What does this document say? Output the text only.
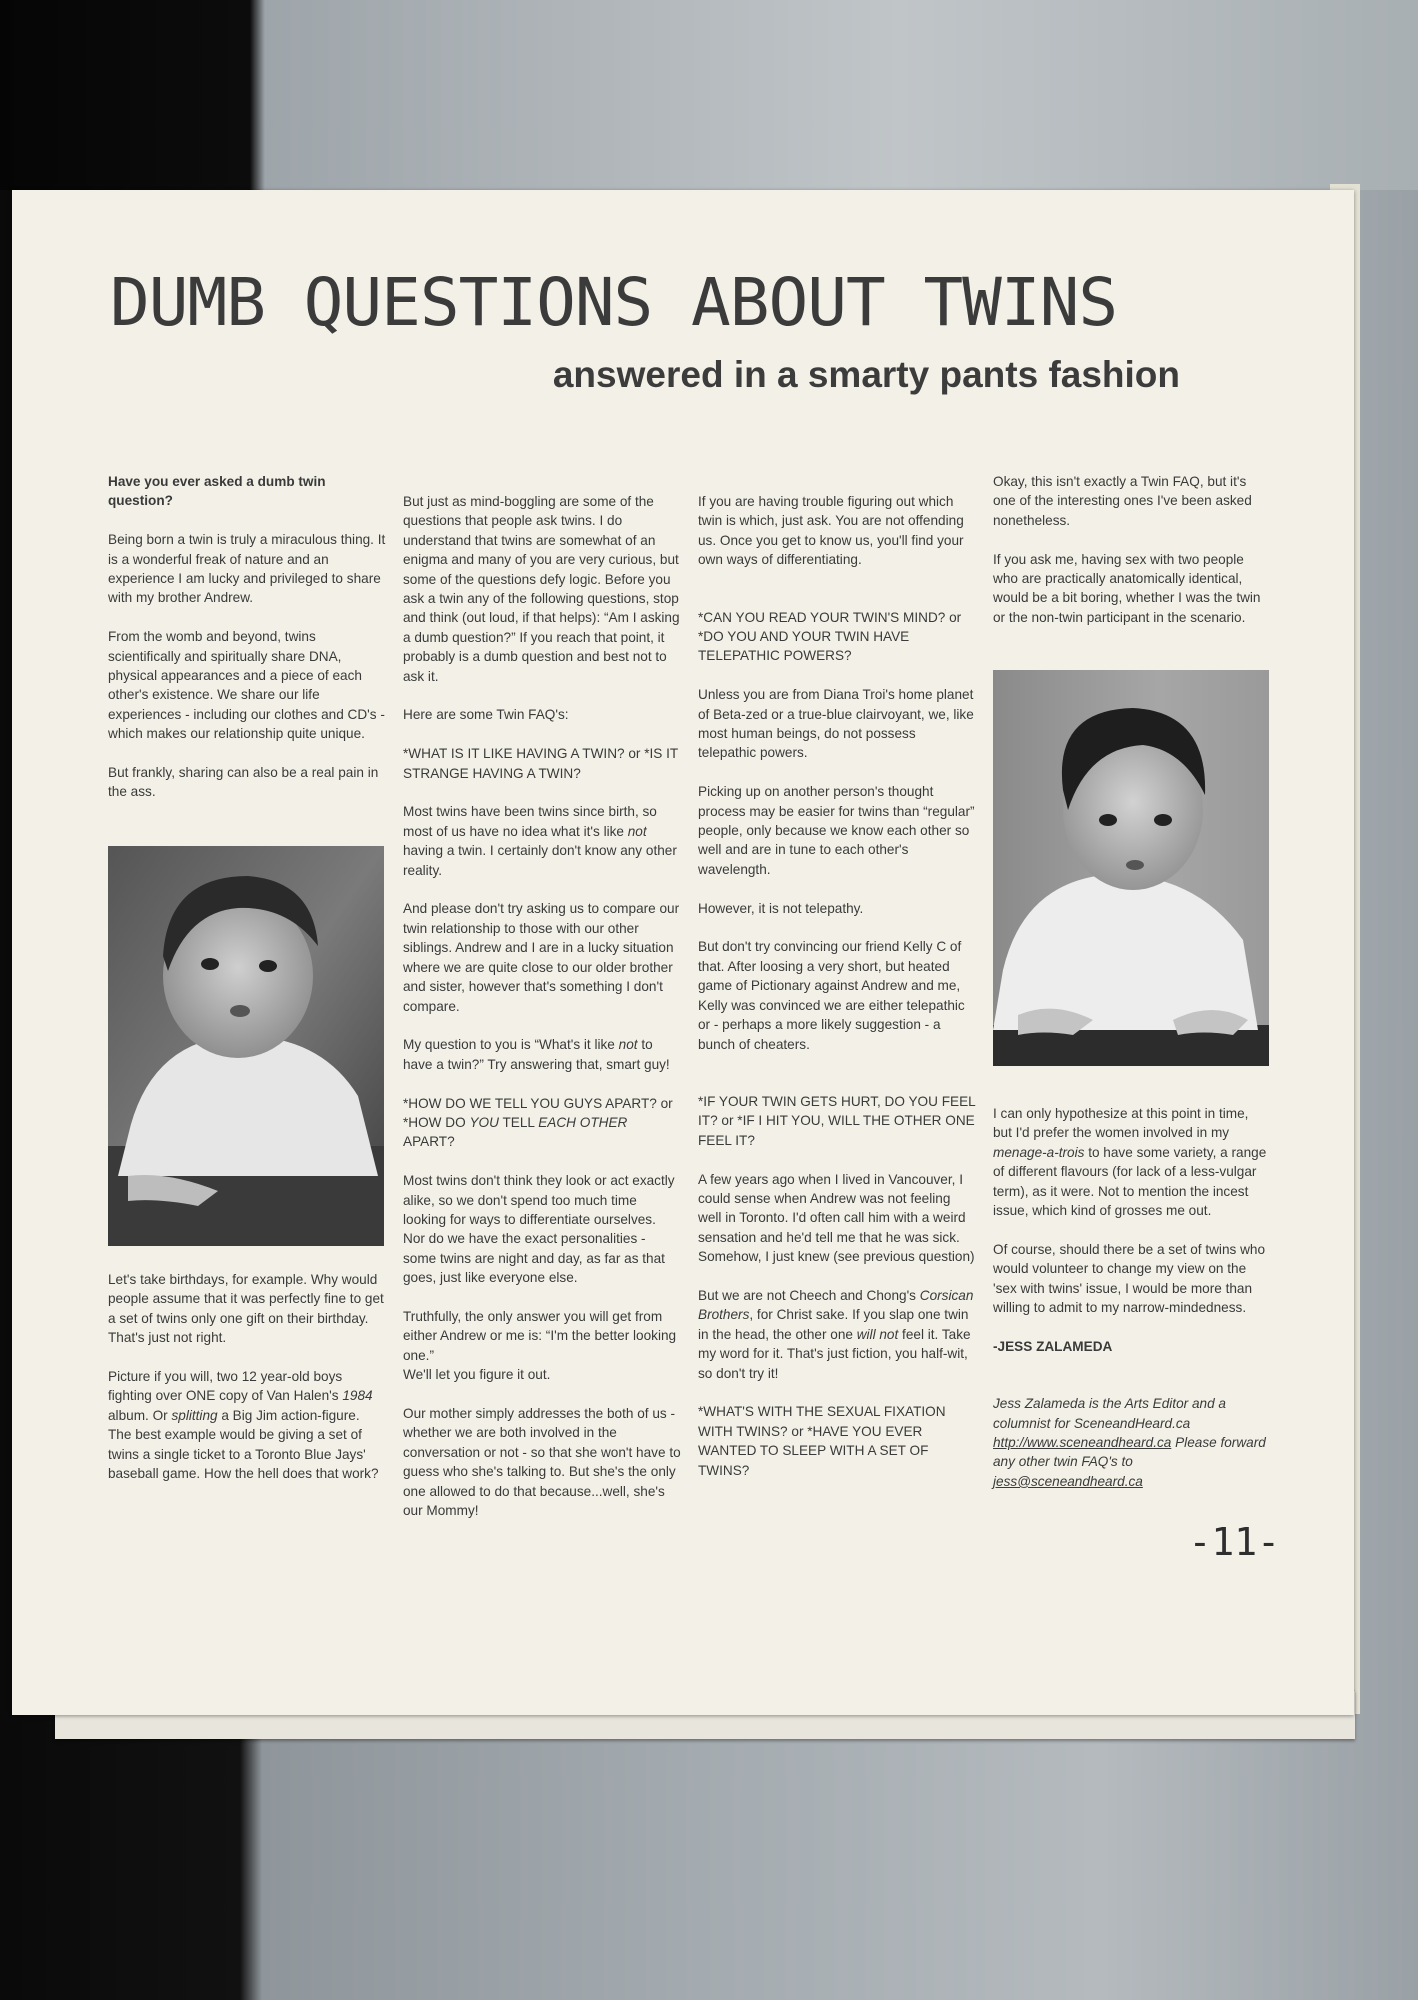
DUMB QUESTIONS ABOUT TWINS
answered in a smarty pants fashion

Have you ever asked a dumb twin question?

Being born a twin is truly a miraculous thing. It is a wonderful freak of nature and an experience I am lucky and privileged to share with my brother Andrew.

From the womb and beyond, twins scientifically and spiritually share DNA, physical appearances and a piece of each other's existence. We share our life experiences - including our clothes and CD's - which makes our relationship quite unique.

But frankly, sharing can also be a real pain in the ass.

Let's take birthdays, for example. Why would people assume that it was perfectly fine to get a set of twins only one gift on their birthday. That's just not right.

Picture if you will, two 12 year-old boys fighting over ONE copy of Van Halen's 1984 album. Or splitting a Big Jim action-figure. The best example would be giving a set of twins a single ticket to a Toronto Blue Jays' baseball game. How the hell does that work?

But just as mind-boggling are some of the questions that people ask twins. I do understand that twins are somewhat of an enigma and many of you are very curious, but some of the questions defy logic. Before you ask a twin any of the following questions, stop and think (out loud, if that helps): “Am I asking a dumb question?” If you reach that point, it probably is a dumb question and best not to ask it.

Here are some Twin FAQ's:

*WHAT IS IT LIKE HAVING A TWIN? or *IS IT STRANGE HAVING A TWIN?

Most twins have been twins since birth, so most of us have no idea what it's like not having a twin. I certainly don't know any other reality.

And please don't try asking us to compare our twin relationship to those with our other siblings. Andrew and I are in a lucky situation where we are quite close to our older brother and sister, however that's something I don't compare.

My question to you is “What's it like not to have a twin?” Try answering that, smart guy!

*HOW DO WE TELL YOU GUYS APART? or *HOW DO YOU TELL EACH OTHER APART?

Most twins don't think they look or act exactly alike, so we don't spend too much time looking for ways to differentiate ourselves. Nor do we have the exact personalities - some twins are night and day, as far as that goes, just like everyone else.

Truthfully, the only answer you will get from either Andrew or me is: “I'm the better looking one.”

We'll let you figure it out.

Our mother simply addresses the both of us - whether we are both involved in the conversation or not - so that she won't have to guess who she's talking to. But she's the only one allowed to do that because...well, she's our Mommy!

If you are having trouble figuring out which twin is which, just ask. You are not offending us. Once you get to know us, you'll find your own ways of differentiating.

*CAN YOU READ YOUR TWIN'S MIND? or *DO YOU AND YOUR TWIN HAVE TELEPATHIC POWERS?

Unless you are from Diana Troi's home planet of Beta-zed or a true-blue clairvoyant, we, like most human beings, do not possess telepathic powers.

Picking up on another person's thought process may be easier for twins than “regular” people, only because we know each other so well and are in tune to each other's wavelength.

However, it is not telepathy.

But don't try convincing our friend Kelly C of that. After loosing a very short, but heated game of Pictionary against Andrew and me, Kelly was convinced we are either telepathic or - perhaps a more likely suggestion - a bunch of cheaters.

*IF YOUR TWIN GETS HURT, DO YOU FEEL IT? or *IF I HIT YOU, WILL THE OTHER ONE FEEL IT?

A few years ago when I lived in Vancouver, I could sense when Andrew was not feeling well in Toronto. I'd often call him with a weird sensation and he'd tell me that he was sick. Somehow, I just knew (see previous question)

But we are not Cheech and Chong's Corsican Brothers, for Christ sake. If you slap one twin in the head, the other one will not feel it. Take my word for it. That's just fiction, you half-wit, so don't try it!

*WHAT'S WITH THE SEXUAL FIXATION WITH TWINS? or *HAVE YOU EVER WANTED TO SLEEP WITH A SET OF TWINS?

Okay, this isn't exactly a Twin FAQ, but it's one of the interesting ones I've been asked nonetheless.

If you ask me, having sex with two people who are practically anatomically identical, would be a bit boring, whether I was the twin or the non-twin participant in the scenario.

I can only hypothesize at this point in time, but I'd prefer the women involved in my menage-a-trois to have some variety, a range of different flavours (for lack of a less-vulgar term), as it were. Not to mention the incest issue, which kind of grosses me out.

Of course, should there be a set of twins who would volunteer to change my view on the 'sex with twins' issue, I would be more than willing to admit to my narrow-mindedness.

-JESS ZALAMEDA

Jess Zalameda is the Arts Editor and a columnist for SceneandHeard.ca http://www.sceneandheard.ca Please forward any other twin FAQ's to jess@sceneandheard.ca

-11-
